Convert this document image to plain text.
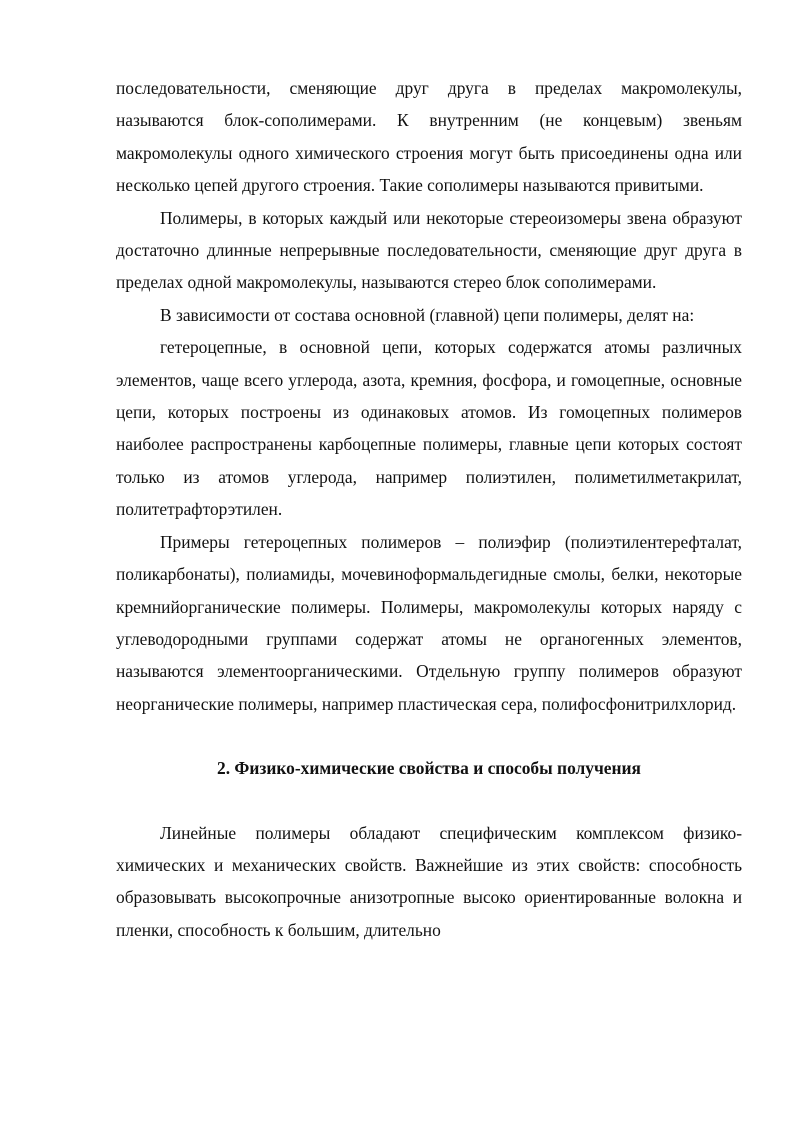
последовательности, сменяющие друг друга в пределах макромолекулы, называются блок-сополимерами. К внутренним (не концевым) звеньям макромолекулы одного химического строения могут быть присоединены одна или несколько цепей другого строения. Такие сополимеры называются привитыми.

Полимеры, в которых каждый или некоторые стереоизомеры звена образуют достаточно длинные непрерывные последовательности, сменяющие друг друга в пределах одной макромолекулы, называются стерео блок сополимерами.

В зависимости от состава основной (главной) цепи полимеры, делят на:

гетероцепные, в основной цепи, которых содержатся атомы различных элементов, чаще всего углерода, азота, кремния, фосфора, и гомоцепные, основные цепи, которых построены из одинаковых атомов. Из гомоцепных полимеров наиболее распространены карбоцепные полимеры, главные цепи которых состоят только из атомов углерода, например полиэтилен, полиметилметакрилат, политетрафторэтилен.

Примеры гетероцепных полимеров – полиэфир (полиэтилентерефталат, поликарбонаты), полиамиды, мочевиноформальдегидные смолы, белки, некоторые кремнийорганические полимеры. Полимеры, макромолекулы которых наряду с углеводородными группами содержат атомы не органогенных элементов, называются элементоорганическими. Отдельную группу полимеров образуют неорганические полимеры, например пластическая сера, полифосфонитрилхлорид.

2. Физико-химические свойства и способы получения

Линейные полимеры обладают специфическим комплексом физико-химических и механических свойств. Важнейшие из этих свойств: способность образовывать высокопрочные анизотропные высоко ориентированные волокна и пленки, способность к большим, длительно
